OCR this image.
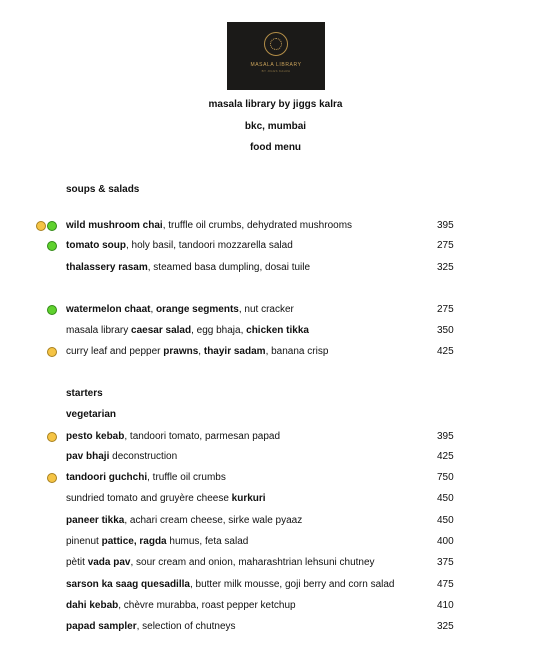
MASALA LIBRARY
BY JIGGS KALRA
masala library by jiggs kalra
bkc, mumbai
food menu
soups & salads
starters
vegetarian
wild mushroom chai, truffle oil crumbs, dehydrated mushrooms	395
tomato soup, holy basil, tandoori mozzarella salad	275
thalassery rasam, steamed basa dumpling, dosai tuile	325
watermelon chaat, orange segments, nut cracker	275
masala library caesar salad, egg bhaja, chicken tikka	350
curry leaf and pepper prawns, thayir sadam, banana crisp	425
pesto kebab, tandoori tomato, parmesan papad	395
pav bhaji deconstruction	425
tandoori guchchi, truffle oil crumbs	750
sundried tomato and gruyère cheese kurkuri	450
paneer tikka, achari cream cheese, sirke wale pyaaz	450
pinenut pattice, ragda humus, feta salad	400
pètit vada pav, sour cream and onion, maharashtrian lehsuni chutney	375
sarson ka saag quesadilla, butter milk mousse, goji berry and corn salad	475
dahi kebab, chèvre murabba, roast pepper ketchup	410
papad sampler, selection of chutneys	325
